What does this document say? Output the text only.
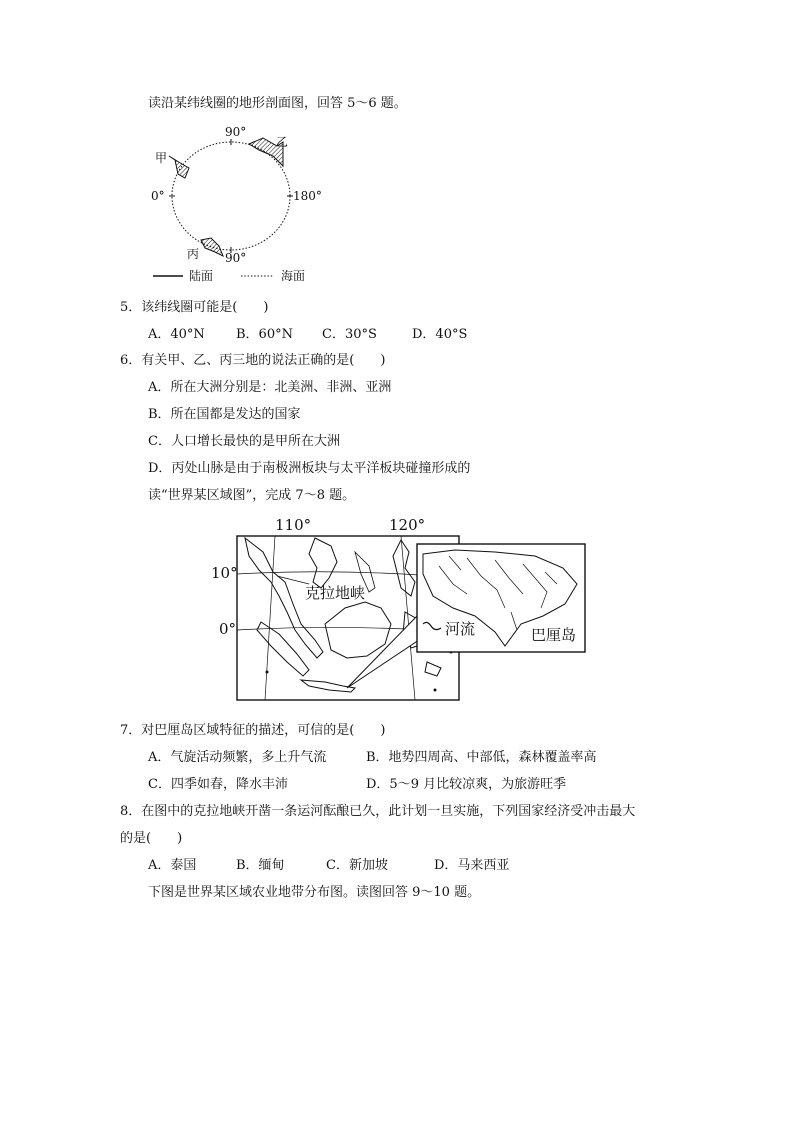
读沿某纬线圈的地形剖面图，回答 5～6 题。
90°
0°	180°
90°
甲
乙
丙
陆面	海面
5．该纬线圈可能是(　　)
A．40°N B．60°N C．30°S	D．40°S
6．有关甲、乙、丙三地的说法正确的是(　　)
A．所在大洲分别是：北美洲、非洲、亚洲
B．所在国都是发达的国家
C．人口增长最快的是甲所在大洲
D．丙处山脉是由于南极洲板块与太平洋板块碰撞形成的
读“世界某区域图”，完成 7～8 题。
110°	120°
10°
0°
克拉地峡
河流	巴厘岛
7．对巴厘岛区域特征的描述，可信的是(　　)
A．气旋活动频繁，多上升气流	B．地势四周高、中部低，森林覆盖率高
C．四季如春，降水丰沛	D．5～9 月比较凉爽，为旅游旺季
8．在图中的克拉地峡开凿一条运河酝酿已久，此计划一旦实施，下列国家经济受冲击最大
的是(　　)
A．泰国	B．缅甸	C．新加坡	D．马来西亚
下图是世界某区域农业地带分布图。读图回答 9～10 题。
